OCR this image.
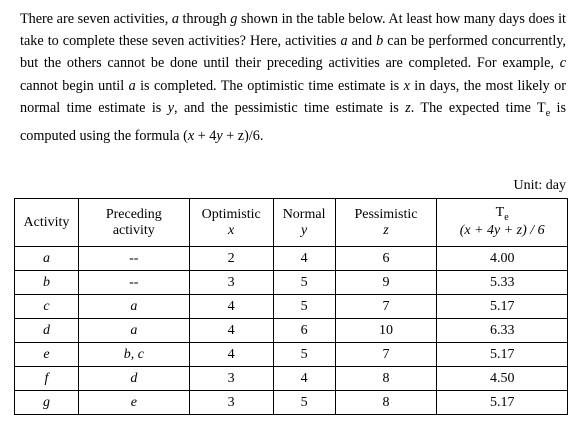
There are seven activities, a through g shown in the table below. At least how many days does it take to complete these seven activities? Here, activities a and b can be performed concurrently, but the others cannot be done until their preceding activities are completed. For example, c cannot begin until a is completed. The optimistic time estimate is x in days, the most likely or normal time estimate is y, and the pessimistic time estimate is z. The expected time $T_e$ is computed using the formula (x + 4y + z)/6.
Unit: day
Activity	Preceding	Optimistic	Normal	Pessimistic	$T_e$
	activity	x	y	z	(x + 4y + z) / 6
a	--	2	4	6	4.00
b	--	3	5	9	5.33
c	a	4	5	7	5.17
d	a	4	6	10	6.33
e	b, c	4	5	7	5.17
f	d	3	4	8	4.50
g	e	3	5	8	5.17
